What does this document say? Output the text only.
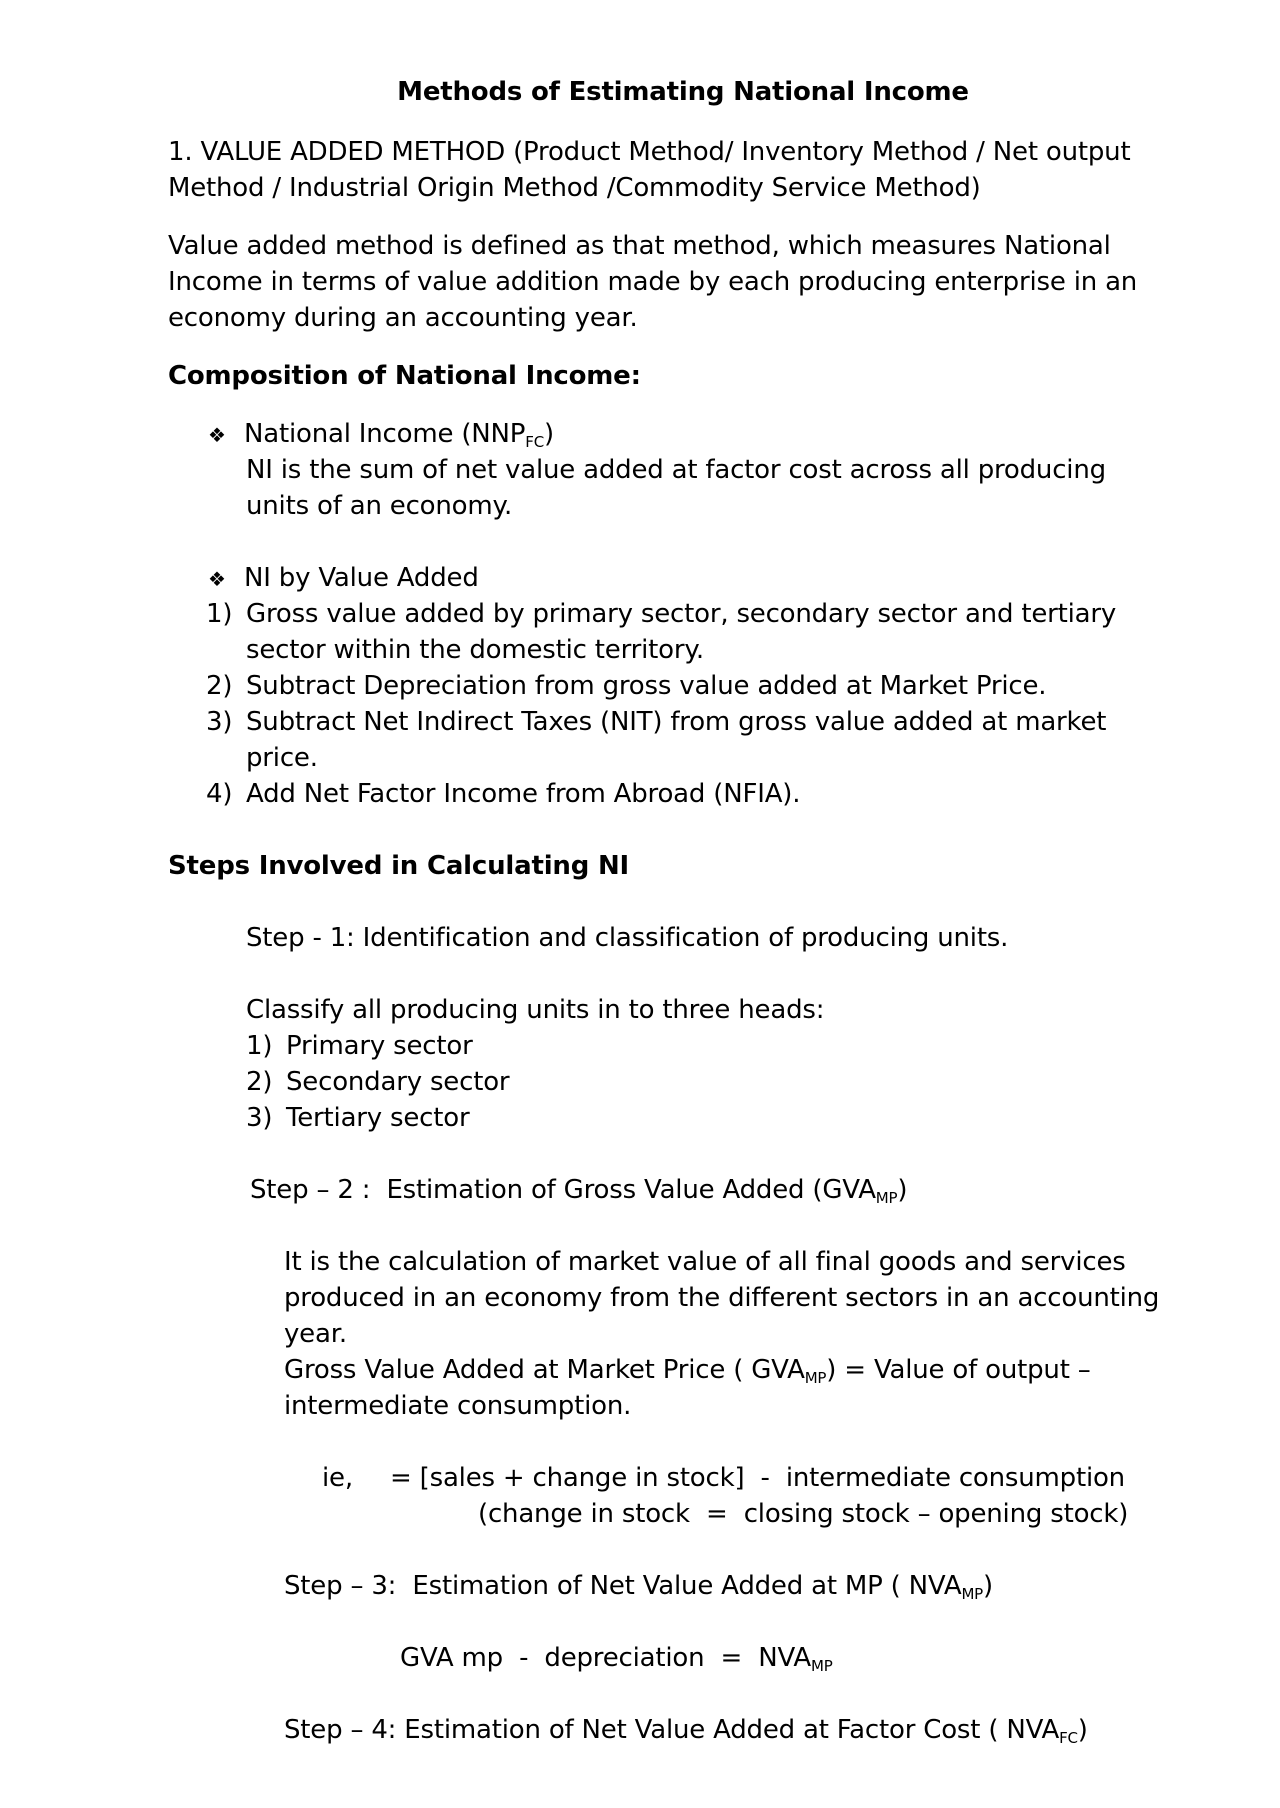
Methods of Estimating National Income
1. VALUE ADDED METHOD (Product Method/ Inventory Method / Net output
Method / Industrial Origin Method /Commodity Service Method)
Value added method is defined as that method, which measures National
Income in terms of value addition made by each producing enterprise in an
economy during an accounting year.
Composition of National Income:
❖ National Income $(NNP_{FC})$
NI is the sum of net value added at factor cost across all producing
units of an economy.
❖ NI by Value Added
1) Gross value added by primary sector, secondary sector and tertiary
sector within the domestic territory.
2) Subtract Depreciation from gross value added at Market Price.
3) Subtract Net Indirect Taxes (NIT) from gross value added at market
price.
4) Add Net Factor Income from Abroad (NFIA).
Steps Involved in Calculating NI
Step - 1: Identification and classification of producing units.
Classify all producing units in to three heads:
1) Primary sector
2) Secondary sector
3) Tertiary sector
Step – 2 : Estimation of Gross Value Added $(GVA_{MP})$
It is the calculation of market value of all final goods and services
produced in an economy from the different sectors in an accounting
year.
Gross Value Added at Market Price ( $GVA_{MP}$) = Value of output –
intermediate consumption.
ie, = [sales + change in stock]  -  intermediate consumption
(change in stock  =  closing stock – opening stock)
Step – 3: Estimation of Net Value Added at MP ( $NVA_{MP}$)
GVA mp  -  depreciation  =  $NVA_{MP}$
Step – 4: Estimation of Net Value Added at Factor Cost ( $NVA_{FC}$)
